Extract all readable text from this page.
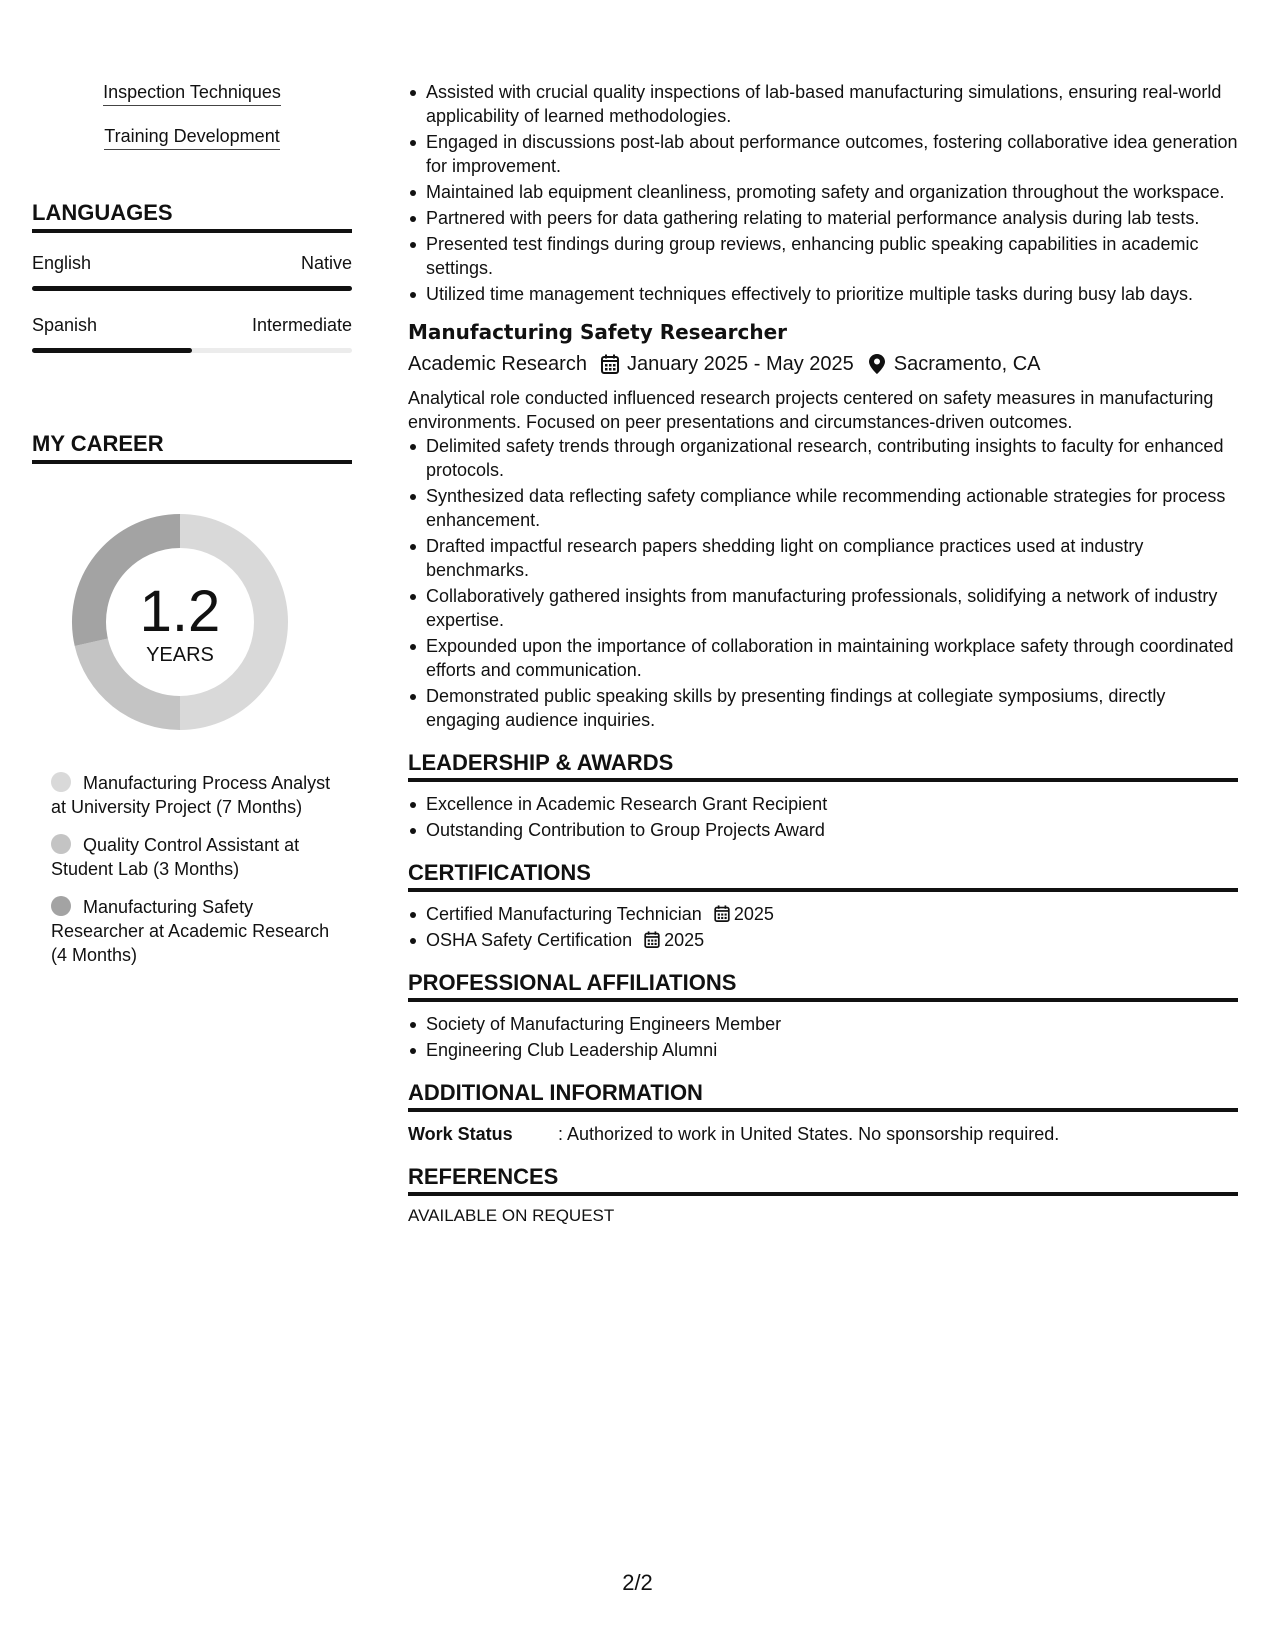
Inspection Techniques
Training Development
LANGUAGES
English	Native
Spanish	Intermediate
MY CAREER
1.2
YEARS
Manufacturing Process Analyst at University Project (7 Months)
Quality Control Assistant at Student Lab (3 Months)
Manufacturing Safety Researcher at Academic Research (4 Months)
Assisted with crucial quality inspections of lab-based manufacturing simulations, ensuring real-world applicability of learned methodologies.
Engaged in discussions post-lab about performance outcomes, fostering collaborative idea generation for improvement.
Maintained lab equipment cleanliness, promoting safety and organization throughout the workspace.
Partnered with peers for data gathering relating to material performance analysis during lab tests.
Presented test findings during group reviews, enhancing public speaking capabilities in academic settings.
Utilized time management techniques effectively to prioritize multiple tasks during busy lab days.
Manufacturing Safety Researcher
Academic Research January 2025 - May 2025 Sacramento, CA
Analytical role conducted influenced research projects centered on safety measures in manufacturing environments. Focused on peer presentations and circumstances-driven outcomes.
Delimited safety trends through organizational research, contributing insights to faculty for enhanced protocols.
Synthesized data reflecting safety compliance while recommending actionable strategies for process enhancement.
Drafted impactful research papers shedding light on compliance practices used at industry benchmarks.
Collaboratively gathered insights from manufacturing professionals, solidifying a network of industry expertise.
Expounded upon the importance of collaboration in maintaining workplace safety through coordinated efforts and communication.
Demonstrated public speaking skills by presenting findings at collegiate symposiums, directly engaging audience inquiries.
LEADERSHIP & AWARDS
Excellence in Academic Research Grant Recipient
Outstanding Contribution to Group Projects Award
CERTIFICATIONS
Certified Manufacturing Technician 2025
OSHA Safety Certification 2025
PROFESSIONAL AFFILIATIONS
Society of Manufacturing Engineers Member
Engineering Club Leadership Alumni
ADDITIONAL INFORMATION
Work Status	: Authorized to work in United States. No sponsorship required.
REFERENCES
AVAILABLE ON REQUEST
2/2
